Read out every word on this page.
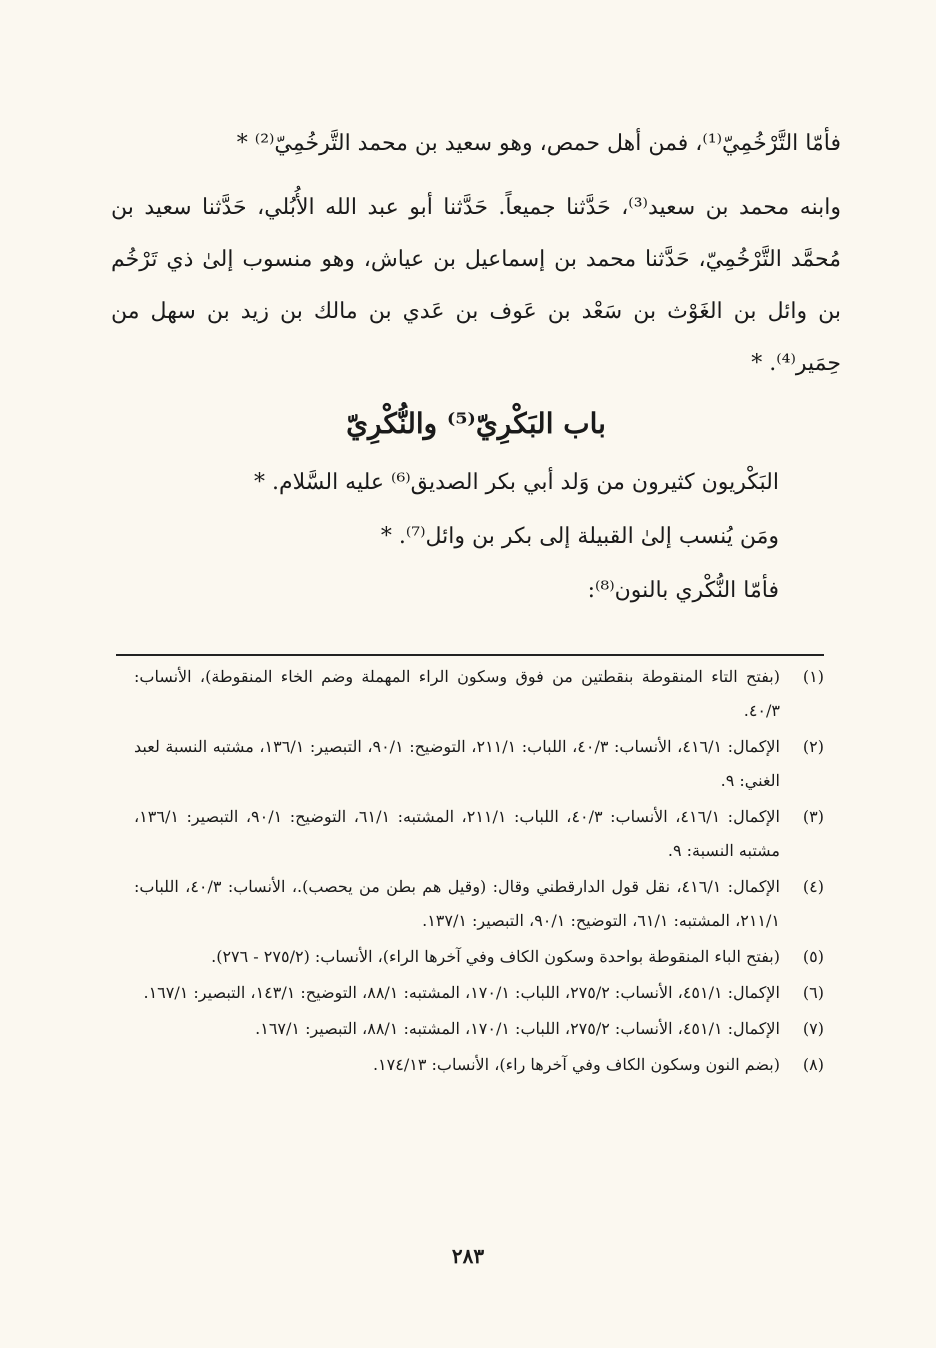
فأمّا التَّرْخُمِيّ⁽¹⁾، فمن أهل حمص، وهو سعيد بن محمد التَّرخُمِيّ⁽²⁾ *

وابنه محمد بن سعيد⁽³⁾، حَدَّثنا جميعاً. حَدَّثنا أبو عبد الله الأُبُلي، حَدَّثنا سعيد بن مُحمَّد التَّرْخُمِيّ، حَدَّثنا محمد بن إسماعيل بن عياش، وهو منسوب إلىٰ ذي تَرْخُم بن وائل بن الغَوْث بن سَعْد بن عَوف بن عَدي بن مالك بن زيد بن سهل من حِمَير⁽⁴⁾. *

باب البَكْرِيّ⁽⁵⁾ والنُّكْرِيّ

البَكْريون كثيرون من وَلد أبي بكر الصديق⁽⁶⁾ عليه السَّلام. *

ومَن يُنسب إلىٰ القبيلة إلى بكر بن وائل⁽⁷⁾. *

فأمّا النُّكْري بالنون⁽⁸⁾:

(١)
(بفتح التاء المنقوطة بنقطتين من فوق وسكون الراء المهملة وضم الخاء المنقوطة)، الأنساب: ٤٠/٣.
(٢)
الإكمال: ٤١٦/١، الأنساب: ٤٠/٣، اللباب: ٢١١/١، التوضيح: ٩٠/١، التبصير: ١٣٦/١، مشتبه النسبة لعبد الغني: ٩.
(٣)
الإكمال: ٤١٦/١، الأنساب: ٤٠/٣، اللباب: ٢١١/١، المشتبه: ٦١/١، التوضيح: ٩٠/١، التبصير: ١٣٦/١، مشتبه النسبة: ٩.
(٤)
الإكمال: ٤١٦/١، نقل قول الدارقطني وقال: (وقيل هم بطن من يحصب).، الأنساب: ٤٠/٣، اللباب: ٢١١/١، المشتبه: ٦١/١، التوضيح: ٩٠/١، التبصير: ١٣٧/١.
(٥)
(بفتح الباء المنقوطة بواحدة وسكون الكاف وفي آخرها الراء)، الأنساب: (٢٧٥/٢ - ٢٧٦).
(٦)
الإكمال: ٤٥١/١، الأنساب: ٢٧٥/٢، اللباب: ١٧٠/١، المشتبه: ٨٨/١، التوضيح: ١٤٣/١، التبصير: ١٦٧/١.
(٧)
الإكمال: ٤٥١/١، الأنساب: ٢٧٥/٢، اللباب: ١٧٠/١، المشتبه: ٨٨/١، التبصير: ١٦٧/١.
(٨)
(بضم النون وسكون الكاف وفي آخرها راء)، الأنساب: ١٧٤/١٣.
٢٨٣
